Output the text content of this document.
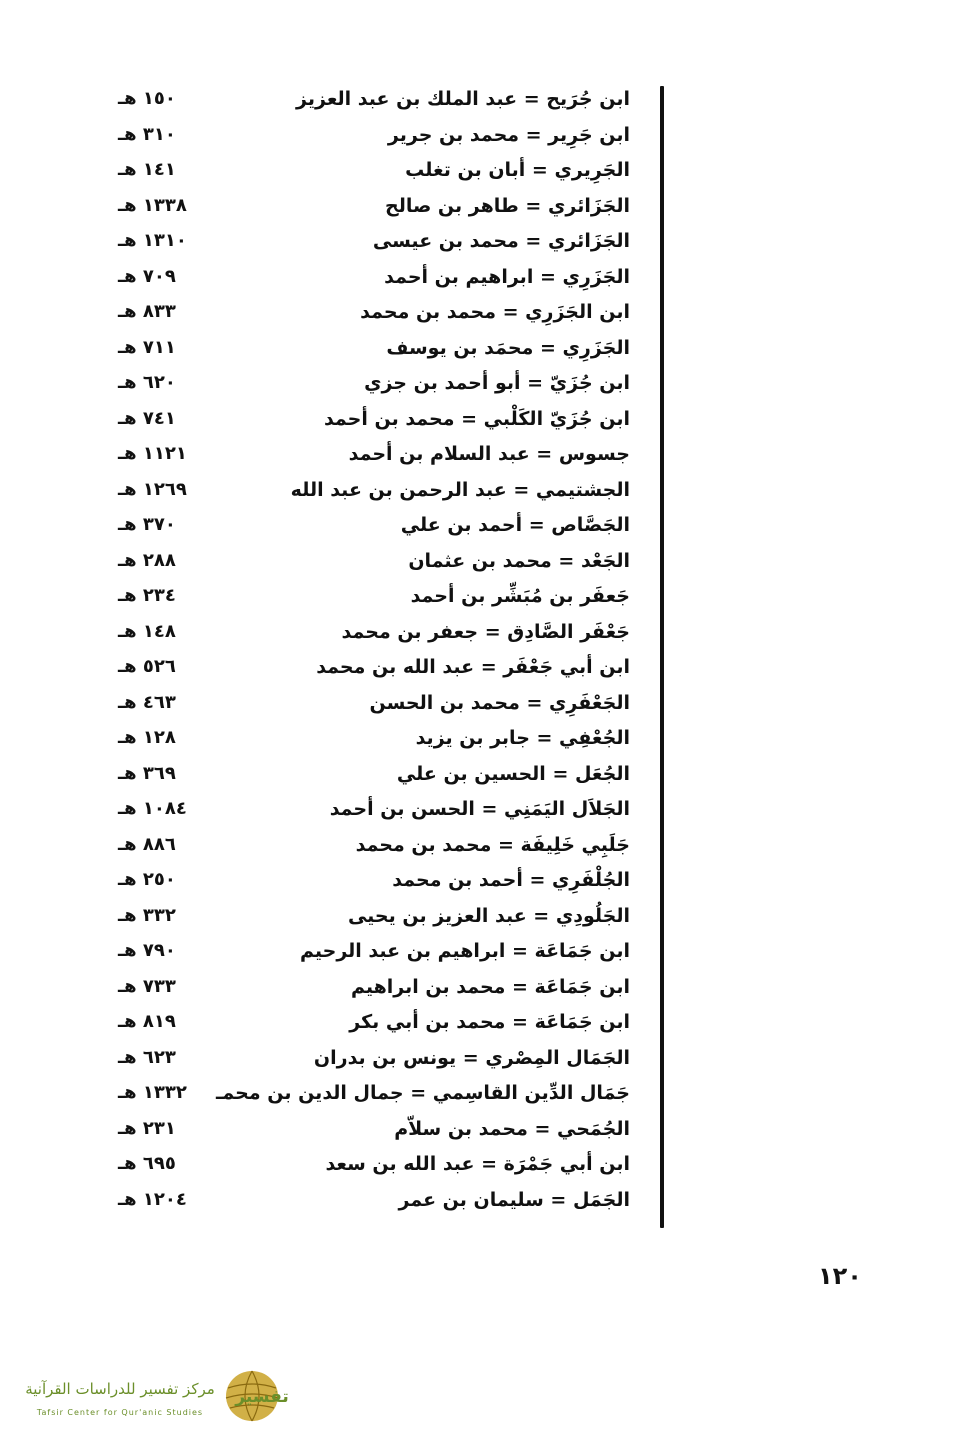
ابن جُرَيح = عبد الملك بن عبد العزيز
١٥٠ هـ
ابن جَرِير = محمد بن جرير
٣١٠ هـ
الجَرِيري = أبان بن تغلب
١٤١ هـ
الجَزَائري = طاهر بن صالح
١٣٣٨ هـ
الجَزَائري = محمد بن عيسى
١٣١٠ هـ
الجَزَرِي = ابراهيم بن أحمد
٧٠٩ هـ
ابن الجَزَرِي = محمد بن محمد
٨٣٣ هـ
الجَزَرِي = محمَد بن يوسف
٧١١ هـ
ابن جُزَيّ = أبو أحمد بن جزي
٦٢٠ هـ
ابن جُزَيّ الكَلْبي = محمد بن أحمد
٧٤١ هـ
جسوس = عبد السلام بن أحمد
١١٢١ هـ
الجشتيمي = عبد الرحمن بن عبد الله
١٢٦٩ هـ
الجَصَّاص = أحمد بن علي
٣٧٠ هـ
الجَعْد = محمد بن عثمان
٢٨٨ هـ
جَعفَر بن مُبَشِّر بن أحمد
٢٣٤ هـ
جَعْفَر الصَّادِق = جعفر بن محمد
١٤٨ هـ
ابن أبي جَعْفَر = عبد الله بن محمد
٥٢٦ هـ
الجَعْفَرِي = محمد بن الحسن
٤٦٣ هـ
الجُعْفِي = جابر بن يزيد
١٢٨ هـ
الجُعَل = الحسين بن علي
٣٦٩ هـ
الجَلاَل اليَمَنِي = الحسن بن أحمد
١٠٨٤ هـ
جَلَبِي خَلِيفَة = محمد بن محمد
٨٨٦ هـ
الجُلْفَرِي = أحمد بن محمد
٢٥٠ هـ
الجَلُودِي = عبد العزيز بن يحيى
٣٣٢ هـ
ابن جَمَاعَة = ابراهيم بن عبد الرحيم
٧٩٠ هـ
ابن جَمَاعَة = محمد بن ابراهيم
٧٣٣ هـ
ابن جَمَاعَة = محمد بن أبي بكر
٨١٩ هـ
الجَمَال المِصْري = يونس بن بدران
٦٢٣ هـ
جَمَال الدِّين القاسِمي = جمال الدين بن محمـ
١٣٣٢ هـ
الجُمَحي = محمد بن سلاّم
٢٣١ هـ
ابن أبي جَمْرَة = عبد الله بن سعد
٦٩٥ هـ
الجَمَل = سليمان بن عمر
١٢٠٤ هـ
١٢٠
مركز تفسير للدراسات القرآنية
Tafsir Center for Qur'anic Studies
تفسير
